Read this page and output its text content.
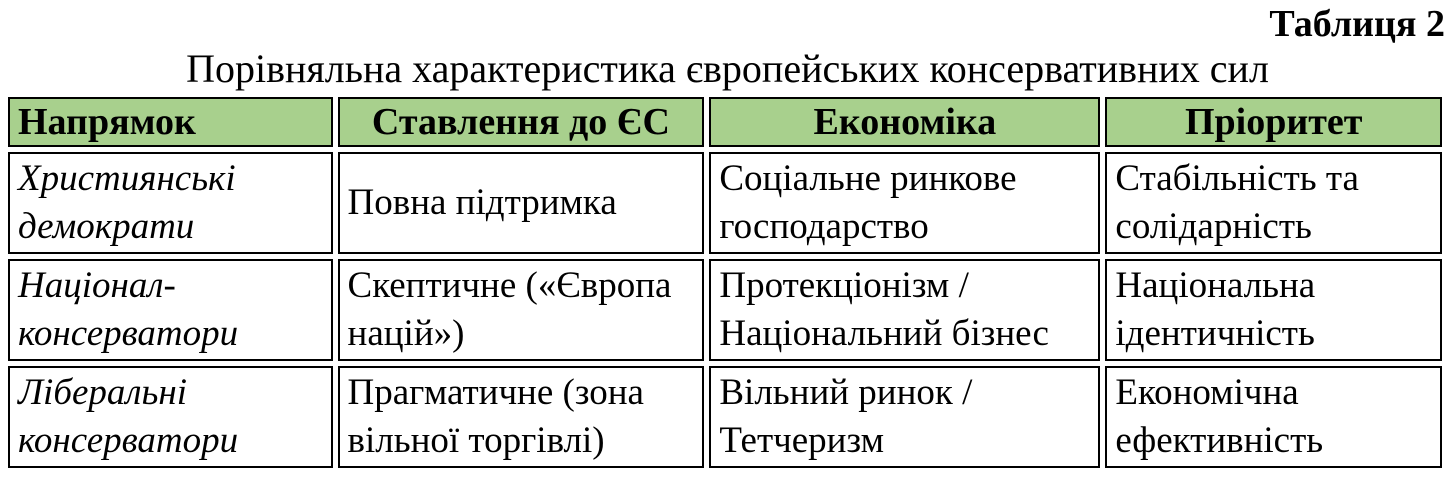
Таблиця 2
Порівняльна характеристика європейських консервативних сил
Напрямок	Ставлення до ЄС	Економіка	Пріоритет
Християнські демократи	Повна підтримка	Соціальне ринкове господарство	Стабільність та солідарність
Націонал-консерватори	Скептичне («Європа націй»)	Протекціонізм / Національний бізнес	Національна ідентичність
Ліберальні консерватори	Прагматичне (зона вільної торгівлі)	Вільний ринок / Тетчеризм	Економічна ефективність
